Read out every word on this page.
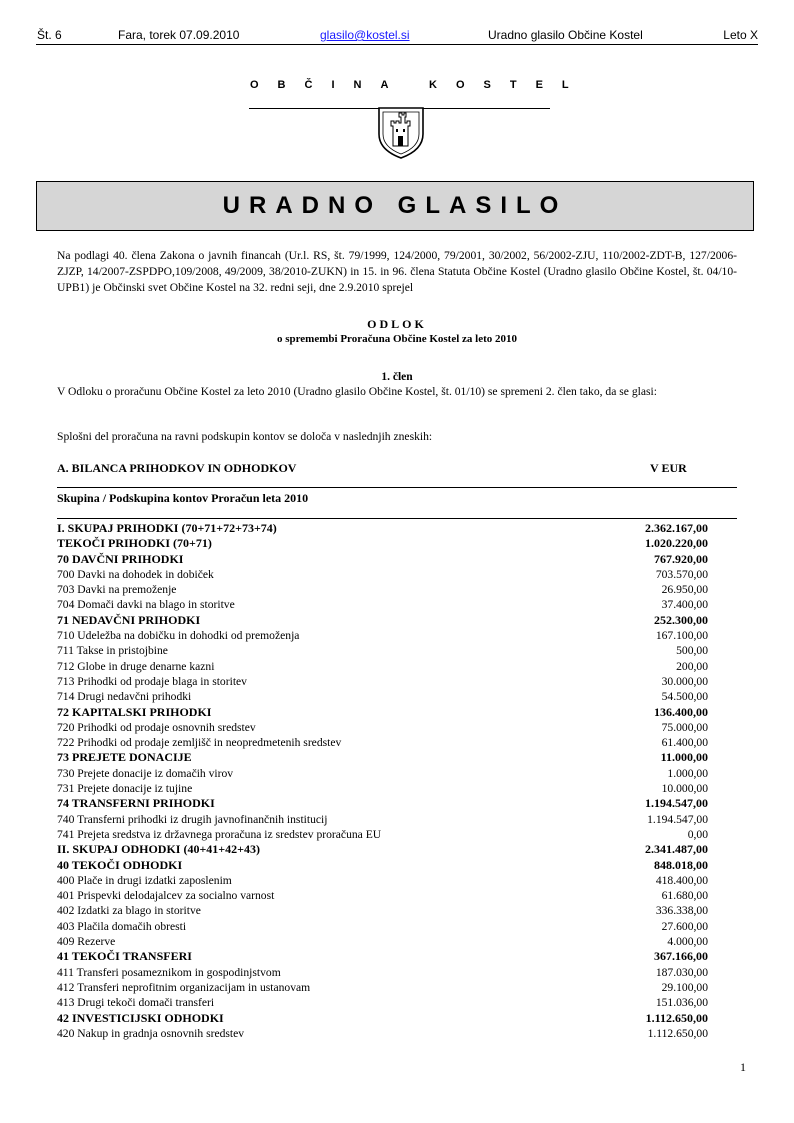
Št. 6	Fara, torek 07.09.2010	glasilo@kostel.si	Uradno glasilo Občine Kostel	Leto X
OBČINA KOSTEL
URADNO GLASILO

Na podlagi 40. člena Zakona o javnih financah (Ur.l. RS, št. 79/1999, 124/2000, 79/2001, 30/2002, 56/2002-ZJU, 110/2002-ZDT-B, 127/2006-ZJZP, 14/2007-ZSPDPO,109/2008, 49/2009, 38/2010-ZUKN) in 15. in 96. člena Statuta Občine Kostel (Uradno glasilo Občine Kostel, št. 04/10-UPB1) je Občinski svet Občine Kostel na 32. redni seji, dne 2.9.2010 sprejel

ODLOK
o spremembi Proračuna Občine Kostel za leto 2010
1. člen

V Odloku o proračunu Občine Kostel za leto 2010 (Uradno glasilo Občine Kostel, št. 01/10) se spremeni 2. člen tako, da se glasi:

Splošni del proračuna na ravni podskupin kontov se določa v naslednjih zneskih:

A. BILANCA PRIHODKOV IN ODHODKOV	V EUR
Skupina / Podskupina kontov Proračun leta 2010
I. SKUPAJ PRIHODKI (70+71+72+73+74)	2.362.167,00
TEKOČI PRIHODKI (70+71)	1.020.220,00
70 DAVČNI PRIHODKI	767.920,00
700 Davki na dohodek in dobiček	703.570,00
703 Davki na premoženje	26.950,00
704 Domači davki na blago in storitve	37.400,00
71 NEDAVČNI PRIHODKI	252.300,00
710 Udeležba na dobičku in dohodki od premoženja	167.100,00
711 Takse in pristojbine	500,00
712 Globe in druge denarne kazni	200,00
713 Prihodki od prodaje blaga in storitev	30.000,00
714 Drugi nedavčni prihodki	54.500,00
72 KAPITALSKI PRIHODKI	136.400,00
720 Prihodki od prodaje osnovnih sredstev	75.000,00
722 Prihodki od prodaje zemljišč in neopredmetenih sredstev	61.400,00
73 PREJETE DONACIJE	11.000,00
730 Prejete donacije iz domačih virov	1.000,00
731 Prejete donacije iz tujine	10.000,00
74 TRANSFERNI PRIHODKI	1.194.547,00
740 Transferni prihodki iz drugih javnofinančnih institucij	1.194.547,00
741 Prejeta sredstva iz državnega proračuna iz sredstev proračuna EU	0,00
II. SKUPAJ ODHODKI (40+41+42+43)	2.341.487,00
40 TEKOČI ODHODKI	848.018,00
400 Plače in drugi izdatki zaposlenim	418.400,00
401 Prispevki delodajalcev za socialno varnost	61.680,00
402 Izdatki za blago in storitve	336.338,00
403 Plačila domačih obresti	27.600,00
409 Rezerve	4.000,00
41 TEKOČI TRANSFERI	367.166,00
411 Transferi posameznikom in gospodinjstvom	187.030,00
412 Transferi neprofitnim organizacijam in ustanovam	29.100,00
413 Drugi tekoči domači transferi	151.036,00
42 INVESTICIJSKI ODHODKI	1.112.650,00
420 Nakup in gradnja osnovnih sredstev	1.112.650,00
1
